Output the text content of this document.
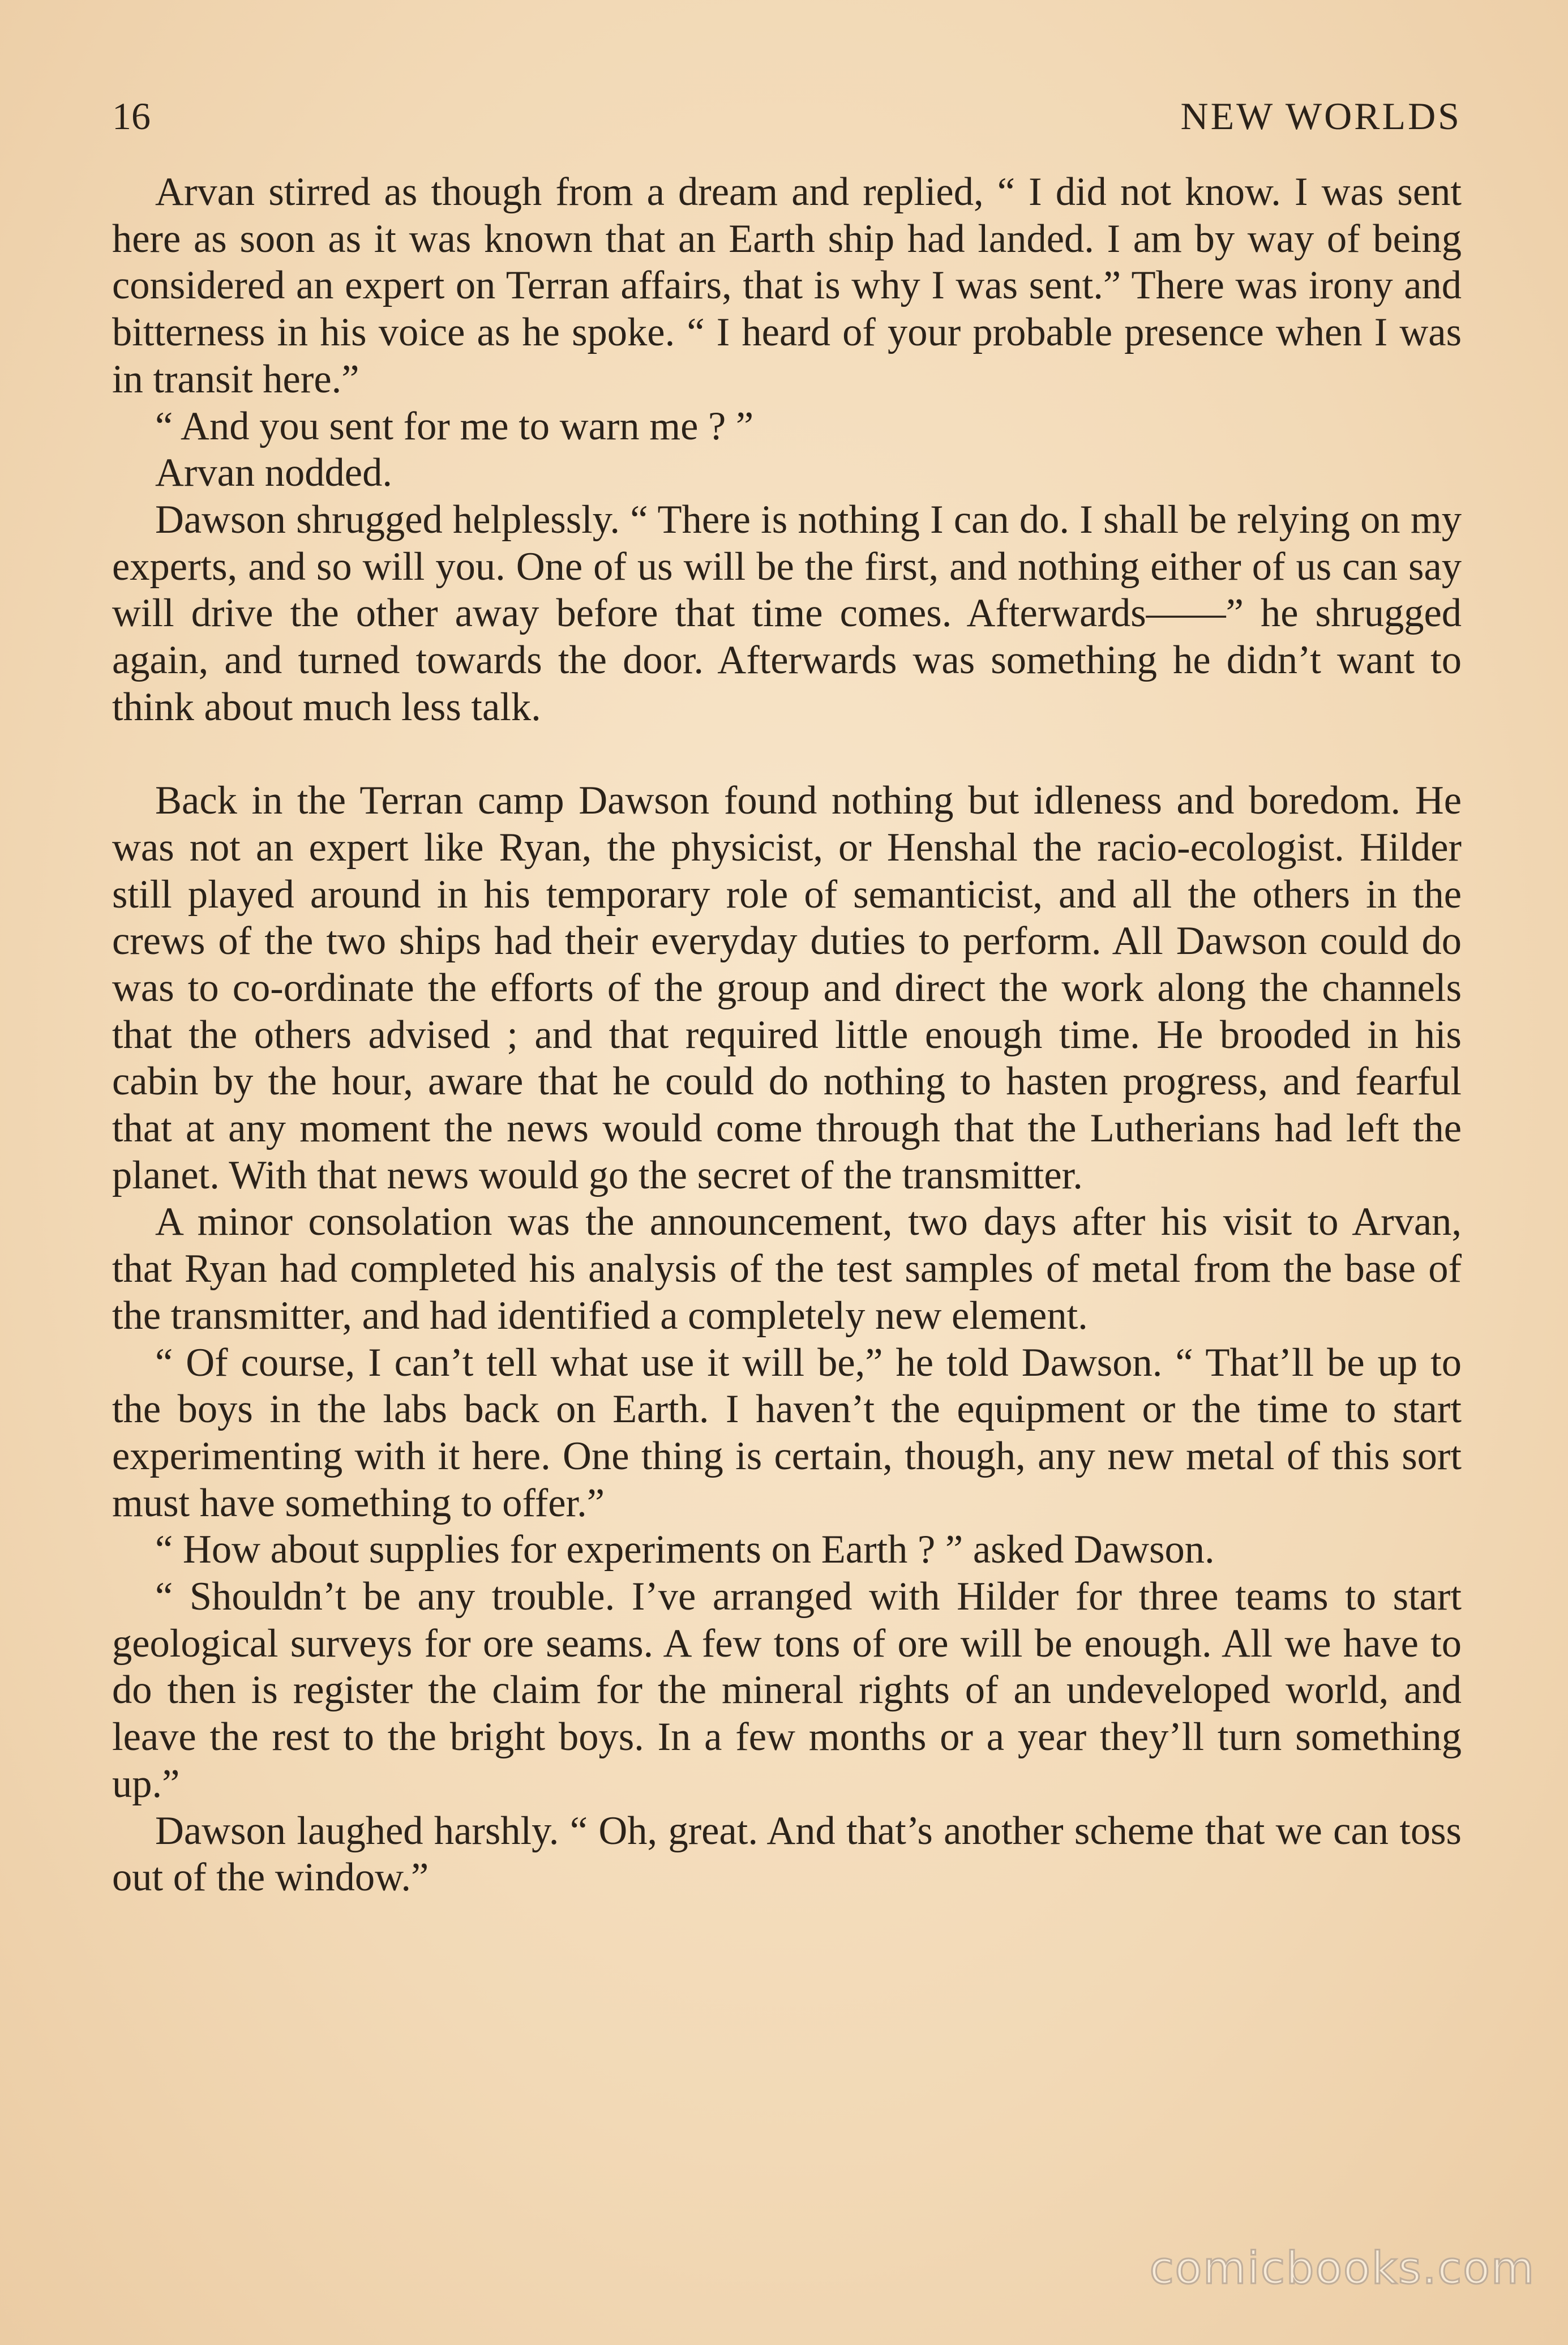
16	NEW WORLDS

Arvan stirred as though from a dream and replied, “ I did not know. I was sent here as soon as it was known that an Earth ship had landed. I am by way of being considered an expert on Terran affairs, that is why I was sent.” There was irony and bitterness in his voice as he spoke. “ I heard of your probable presence when I was in transit here.”

“ And you sent for me to warn me ? ”

Arvan nodded.

Dawson shrugged helplessly. “ There is nothing I can do. I shall be relying on my experts, and so will you. One of us will be the first, and nothing either of us can say will drive the other away before that time comes. Afterwards——” he shrugged again, and turned towards the door. Afterwards was something he didn’t want to think about much less talk.

Back in the Terran camp Dawson found nothing but idleness and boredom. He was not an expert like Ryan, the physicist, or Henshal the racio-ecologist. Hilder still played around in his temporary role of semanticist, and all the others in the crews of the two ships had their everyday duties to perform. All Dawson could do was to co-ordinate the efforts of the group and direct the work along the channels that the others advised ; and that required little enough time. He brooded in his cabin by the hour, aware that he could do nothing to hasten progress, and fearful that at any moment the news would come through that the Lutherians had left the planet. With that news would go the secret of the transmitter.

A minor consolation was the announcement, two days after his visit to Arvan, that Ryan had completed his analysis of the test samples of metal from the base of the transmitter, and had identified a completely new element.

“ Of course, I can’t tell what use it will be,” he told Dawson. “ That’ll be up to the boys in the labs back on Earth. I haven’t the equipment or the time to start experimenting with it here. One thing is certain, though, any new metal of this sort must have something to offer.”

“ How about supplies for experiments on Earth ? ” asked Dawson.

“ Shouldn’t be any trouble. I’ve arranged with Hilder for three teams to start geological surveys for ore seams. A few tons of ore will be enough. All we have to do then is register the claim for the mineral rights of an undeveloped world, and leave the rest to the bright boys. In a few months or a year they’ll turn something up.”

Dawson laughed harshly. “ Oh, great. And that’s another scheme that we can toss out of the window.”

comicbooks.com
